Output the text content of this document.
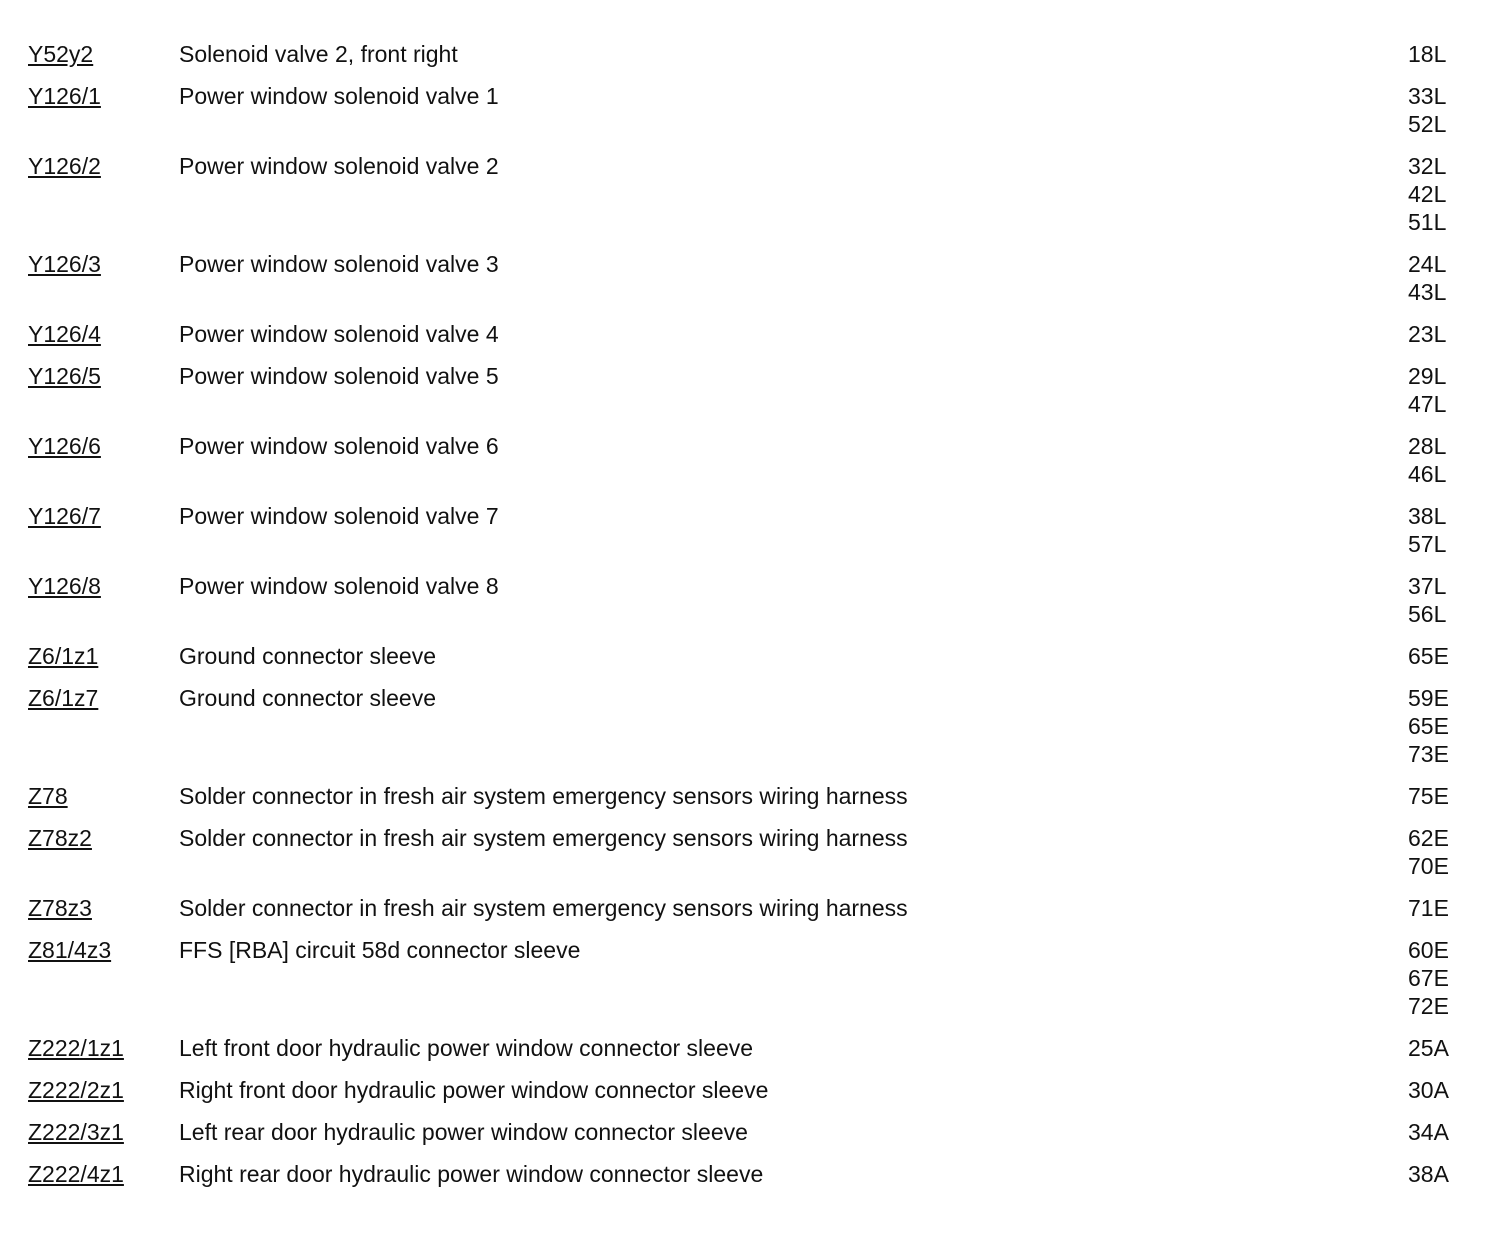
Y52y2	Solenoid valve 2, front right	18L
Y126/1	Power window solenoid valve 1	33L
52L
Y126/2	Power window solenoid valve 2	32L
42L
51L
Y126/3	Power window solenoid valve 3	24L
43L
Y126/4	Power window solenoid valve 4	23L
Y126/5	Power window solenoid valve 5	29L
47L
Y126/6	Power window solenoid valve 6	28L
46L
Y126/7	Power window solenoid valve 7	38L
57L
Y126/8	Power window solenoid valve 8	37L
56L
Z6/1z1	Ground connector sleeve	65E
Z6/1z7	Ground connector sleeve	59E
65E
73E
Z78	Solder connector in fresh air system emergency sensors wiring harness	75E
Z78z2	Solder connector in fresh air system emergency sensors wiring harness	62E
70E
Z78z3	Solder connector in fresh air system emergency sensors wiring harness	71E
Z81/4z3	FFS [RBA] circuit 58d connector sleeve	60E
67E
72E
Z222/1z1	Left front door hydraulic power window connector sleeve	25A
Z222/2z1	Right front door hydraulic power window connector sleeve	30A
Z222/3z1	Left rear door hydraulic power window connector sleeve	34A
Z222/4z1	Right rear door hydraulic power window connector sleeve	38A
